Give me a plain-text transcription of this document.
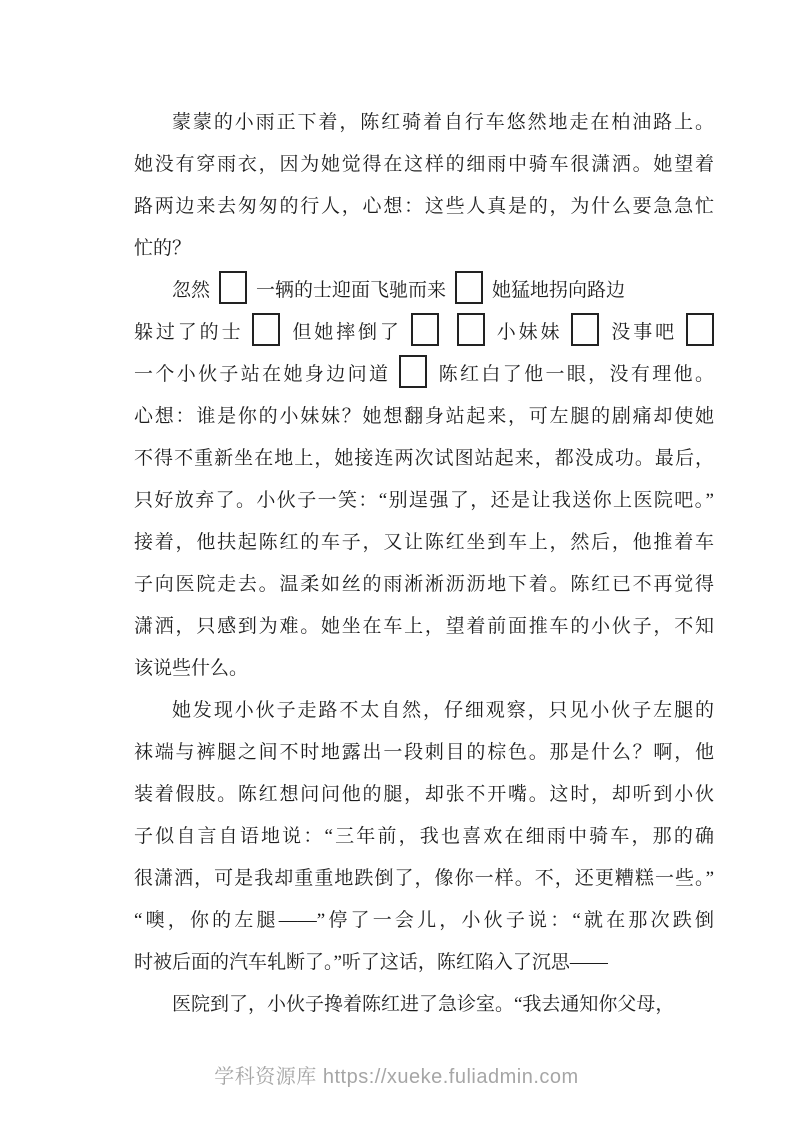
蒙蒙的小雨正下着，陈红骑着自行车悠然地走在柏油路上。
她没有穿雨衣，因为她觉得在这样的细雨中骑车很潇洒。她望着
路两边来去匆匆的行人，心想：这些人真是的，为什么要急急忙
忙的？
忽然 一辆的士迎面飞驰而来 她猛地拐向路边
躲过了的士 但她摔倒了	小妹妹 没事吧
一个小伙子站在她身边问道 陈红白了他一眼，没有理他。
心想：谁是你的小妹妹？她想翻身站起来，可左腿的剧痛却使她
不得不重新坐在地上，她接连两次试图站起来，都没成功。最后，
只好放弃了。小伙子一笑：“别逞强了，还是让我送你上医院吧。”
接着，他扶起陈红的车子，又让陈红坐到车上，然后，他推着车
子向医院走去。温柔如丝的雨淅淅沥沥地下着。陈红已不再觉得
潇洒，只感到为难。她坐在车上，望着前面推车的小伙子，不知
该说些什么。
她发现小伙子走路不太自然，仔细观察，只见小伙子左腿的
袜端与裤腿之间不时地露出一段刺目的棕色。那是什么？啊，他
装着假肢。陈红想问问他的腿，却张不开嘴。这时，却听到小伙
子似自言自语地说：“三年前，我也喜欢在细雨中骑车，那的确
很潇洒，可是我却重重地跌倒了，像你一样。不，还更糟糕一些。”
“噢，你的左腿——”停了一会儿，小伙子说：“就在那次跌倒
时被后面的汽车轧断了。”听了这话，陈红陷入了沉思——
医院到了，小伙子搀着陈红进了急诊室。“我去通知你父母，
学科资源库 https://xueke.fuliadmin.com
